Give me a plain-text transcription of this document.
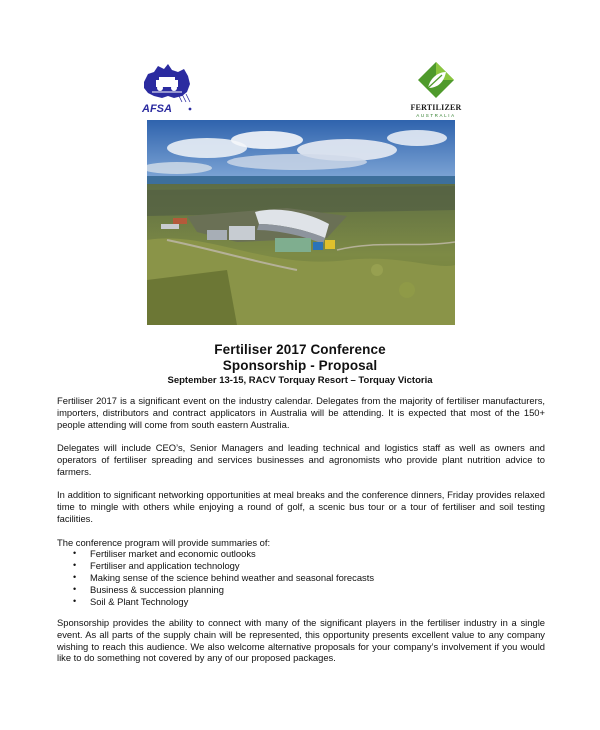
AFSA	FERTILIZER
AUSTRALIA
Fertiliser 2017 Conference
Sponsorship - Proposal
September 13-15, RACV Torquay Resort – Torquay Victoria

Fertiliser 2017 is a significant event on the industry calendar. Delegates from the majority of fertiliser manufacturers, importers, distributors and contract applicators in Australia will be attending. It is expected that most of the 150+ people attending will come from south eastern Australia.

Delegates will include CEO’s, Senior Managers and leading technical and logistics staff as well as owners and operators of fertiliser spreading and services businesses and agronomists who provide plant nutrition advice to farmers.

In addition to significant networking opportunities at meal breaks and the conference dinners, Friday provides relaxed time to mingle with others while enjoying a round of golf, a scenic bus tour or a tour of fertiliser and soil testing facilities.

The conference program will provide summaries of:

• Fertiliser market and economic outlooks
• Fertiliser and application technology
• Making sense of the science behind weather and seasonal forecasts
• Business & succession planning
• Soil & Plant Technology

Sponsorship provides the ability to connect with many of the significant players in the fertiliser industry in a single event. As all parts of the supply chain will be represented, this opportunity presents excellent value to any company wishing to reach this audience. We also welcome alternative proposals for your company’s involvement if you would like to do something not covered by any of our proposed packages.
